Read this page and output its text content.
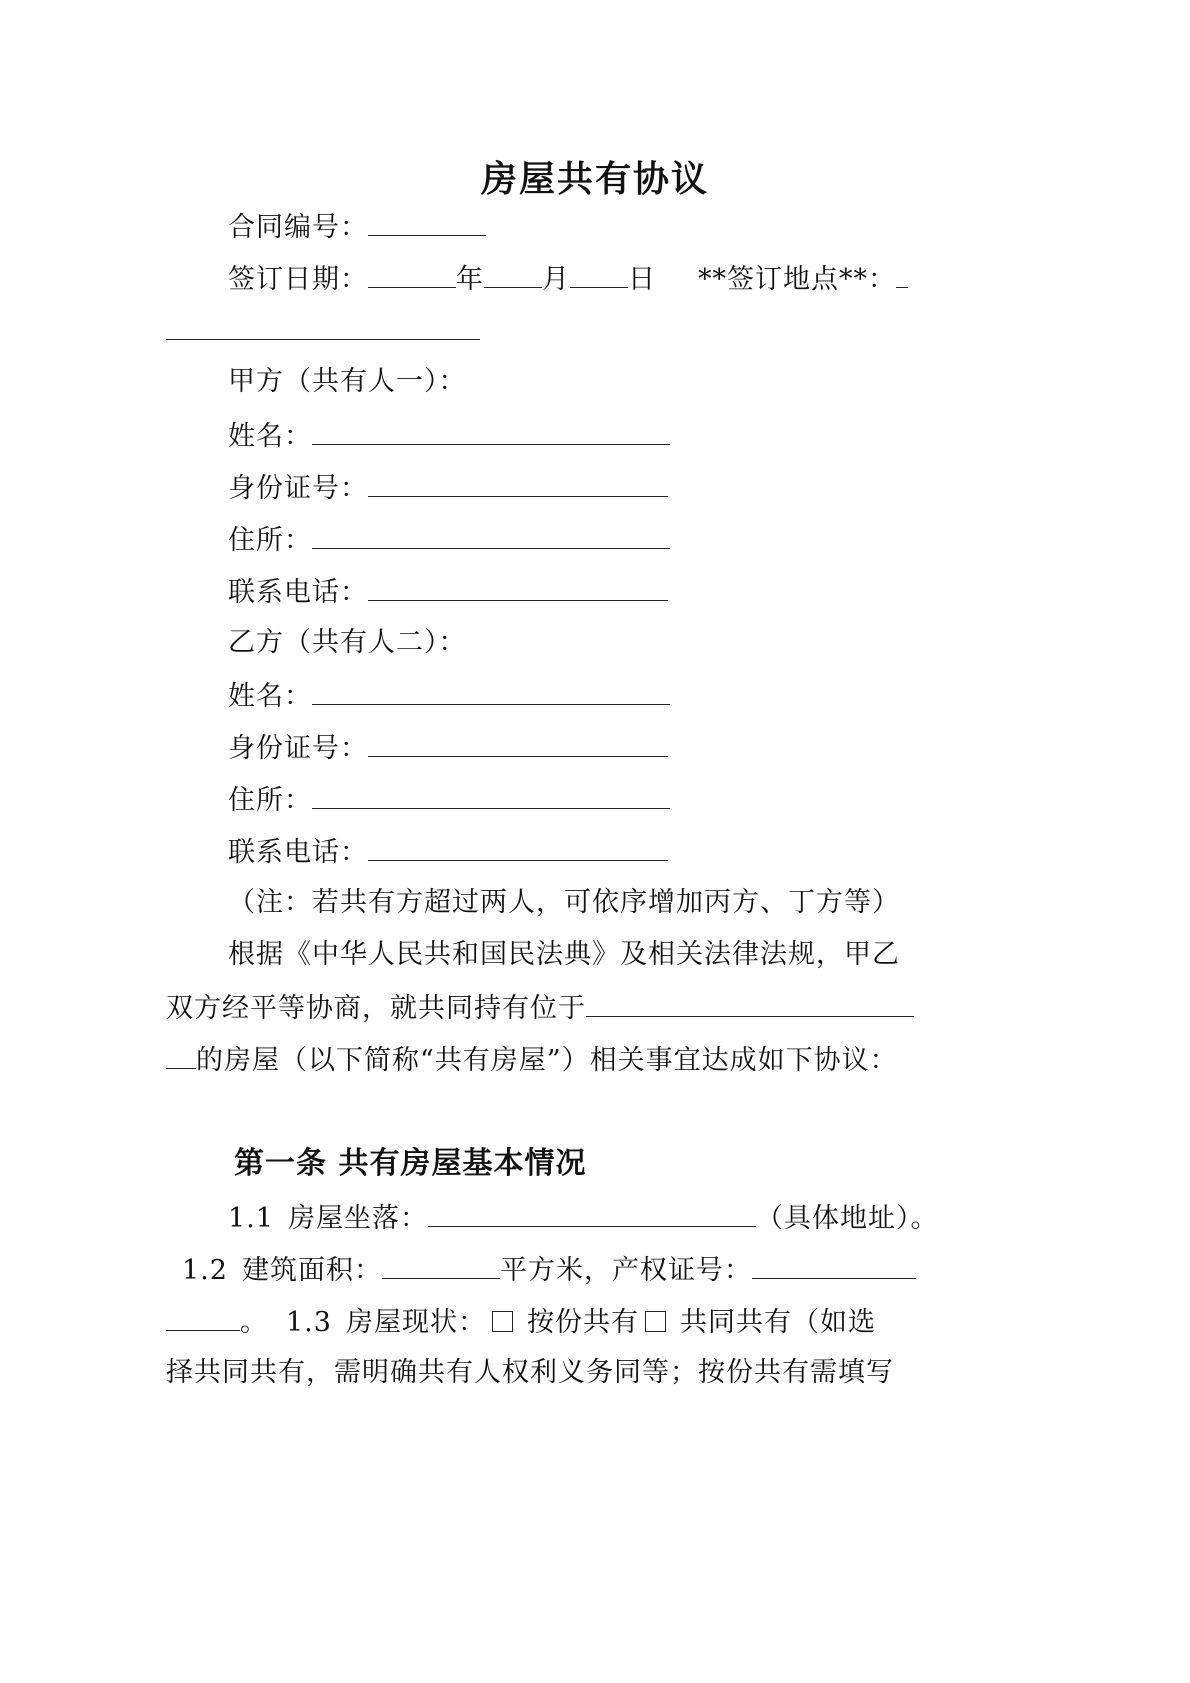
房屋共有协议
合同编号：
签订日期：	年 月 日 **签订地点**：
甲方（共有人一）：
姓名：
身份证号：
住所：
联系电话：
乙方（共有人二）：
姓名：
身份证号：
住所：
联系电话：
（注：若共有方超过两人，可依序增加丙方、丁方等）
根据《中华人民共和国民法典》及相关法律法规，甲乙
双方经平等协商，就共同持有位于
的房屋（以下简称“共有房屋”）相关事宜达成如下协议：
第一条 共有房屋基本情况
1.1 房屋坐落：	（具体地址）。
1.2 建筑面积：	平方米，产权证号：
。 1.3 房屋现状： 按份共有 共同共有（如选
择共同共有，需明确共有人权利义务同等；按份共有需填写
